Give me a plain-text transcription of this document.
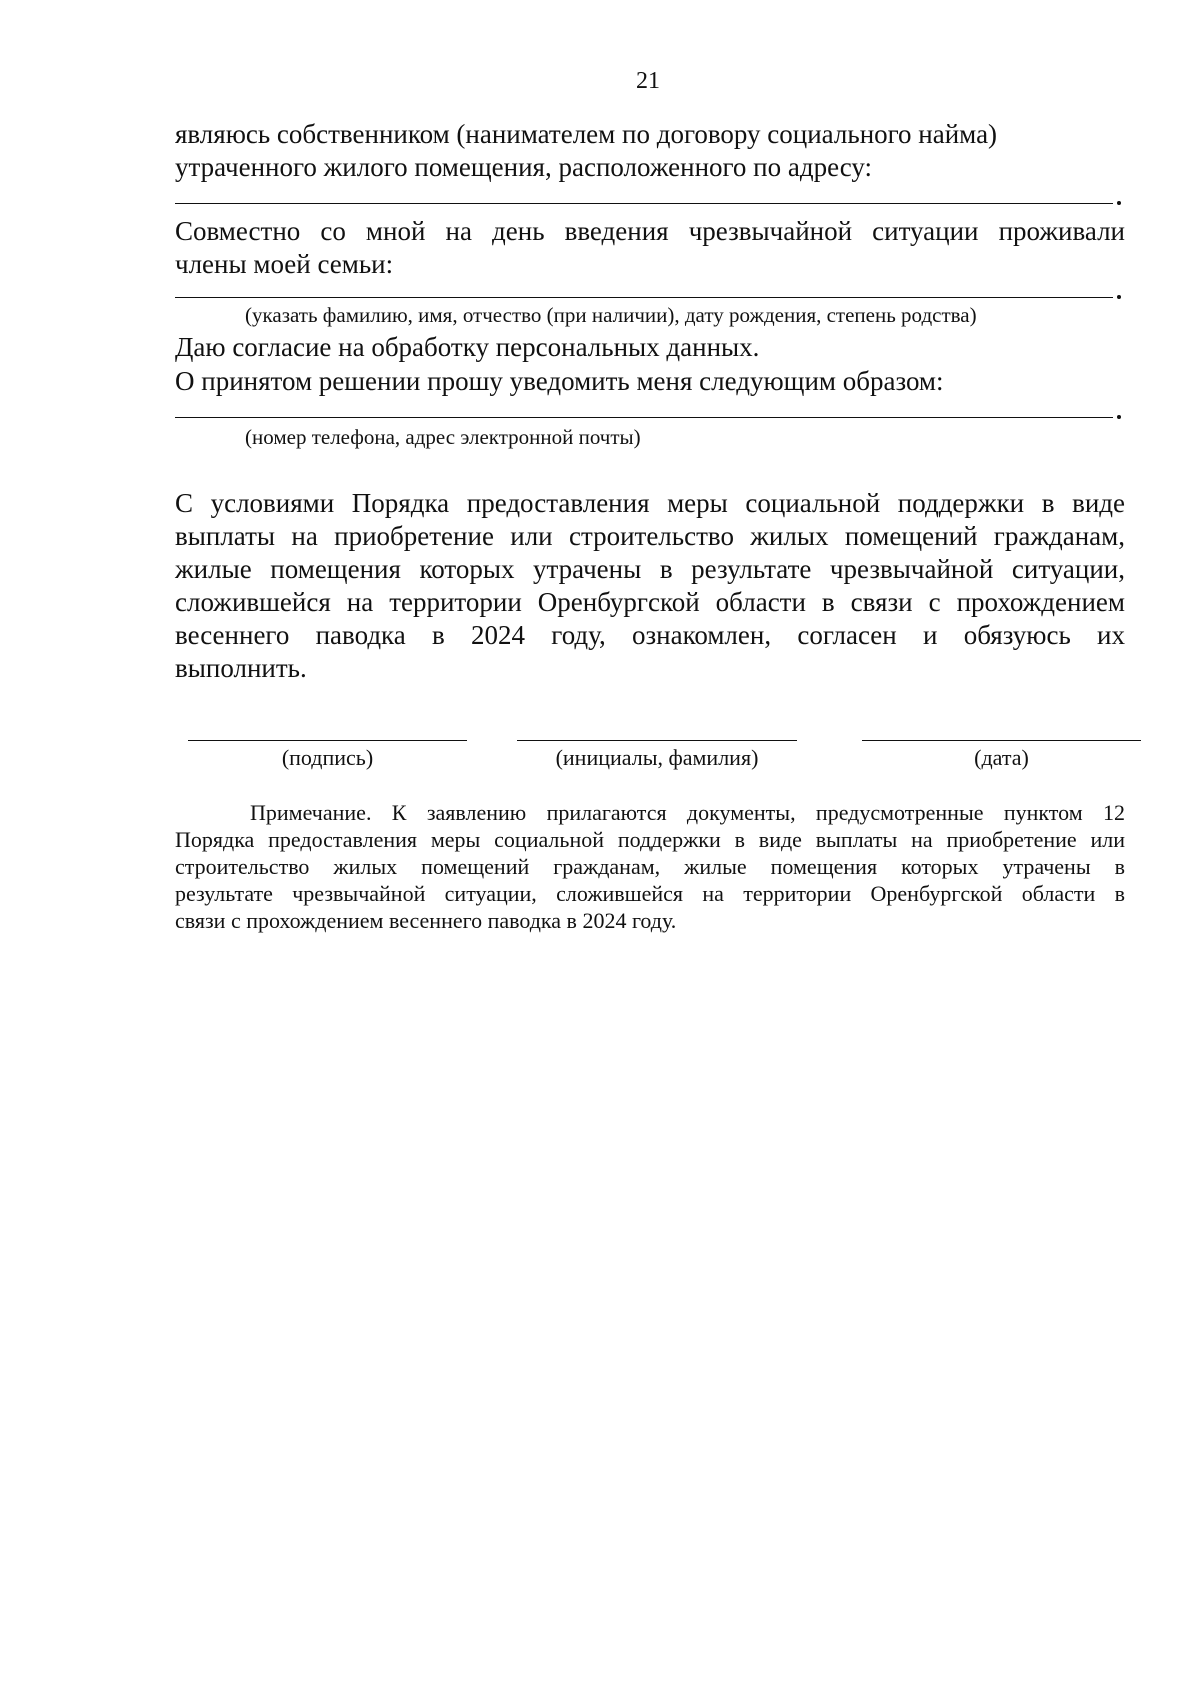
21
являюсь собственником (нанимателем по договору социального найма)
утраченного жилого помещения, расположенного по адресу:
Совместно со мной на день введения чрезвычайной ситуации проживали
члены моей семьи:
(указать фамилию, имя, отчество (при наличии), дату рождения, степень родства)
Даю согласие на обработку персональных данных.
О принятом решении прошу уведомить меня следующим образом:
(номер телефона, адрес электронной почты)
С условиями Порядка предоставления меры социальной поддержки в виде
выплаты на приобретение или строительство жилых помещений гражданам,
жилые помещения которых утрачены в результате чрезвычайной ситуации,
сложившейся на территории Оренбургской области в связи с прохождением
весеннего паводка в 2024 году, ознакомлен, согласен и обязуюсь их
выполнить.
(подпись)	(инициалы, фамилия)	(дата)
Примечание. К заявлению прилагаются документы, предусмотренные пунктом 12
Порядка предоставления меры социальной поддержки в виде выплаты на приобретение или
строительство жилых помещений гражданам, жилые помещения которых утрачены в
результате чрезвычайной ситуации, сложившейся на территории Оренбургской области в
связи с прохождением весеннего паводка в 2024 году.
